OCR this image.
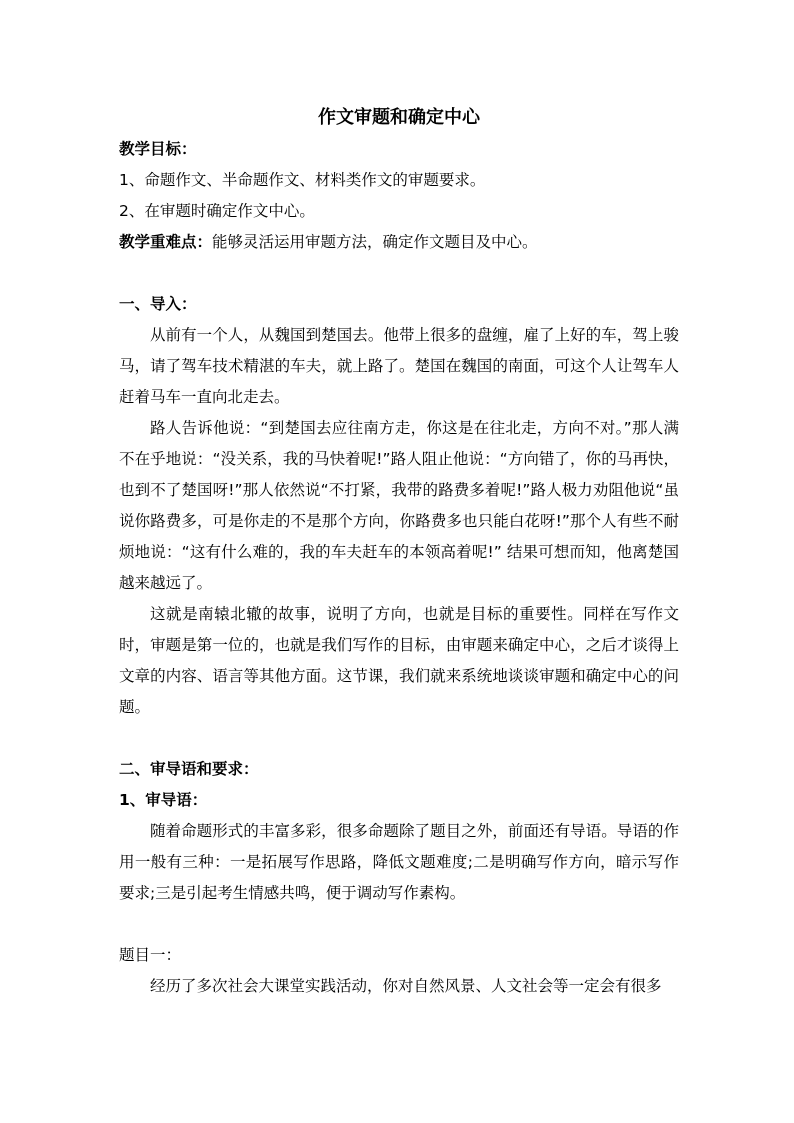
作文审题和确定中心

教学目标：

1、命题作文、半命题作文、材料类作文的审题要求。

2、在审题时确定作文中心。

教学重难点：能够灵活运用审题方法，确定作文题目及中心。

一、导入：

从前有一个人，从魏国到楚国去。他带上很多的盘缠，雇了上好的车，驾上骏马，请了驾车技术精湛的车夫，就上路了。楚国在魏国的南面，可这个人让驾车人赶着马车一直向北走去。

路人告诉他说：“到楚国去应往南方走，你这是在往北走，方向不对。”那人满不在乎地说：“没关系，我的马快着呢!”路人阻止他说：“方向错了，你的马再快，也到不了楚国呀!”那人依然说“不打紧，我带的路费多着呢!”路人极力劝阻他说“虽说你路费多，可是你走的不是那个方向，你路费多也只能白花呀!”那个人有些不耐烦地说：“这有什么难的，我的车夫赶车的本领高着呢!” 结果可想而知，他离楚国越来越远了。

这就是南辕北辙的故事，说明了方向，也就是目标的重要性。同样在写作文时，审题是第一位的，也就是我们写作的目标，由审题来确定中心，之后才谈得上文章的内容、语言等其他方面。这节课，我们就来系统地谈谈审题和确定中心的问题。

二、审导语和要求：

1、审导语：

随着命题形式的丰富多彩，很多命题除了题目之外，前面还有导语。导语的作用一般有三种：一是拓展写作思路，降低文题难度;二是明确写作方向，暗示写作要求;三是引起考生情感共鸣，便于调动写作素构。

题目一：

经历了多次社会大课堂实践活动，你对自然风景、人文社会等一定会有很多
